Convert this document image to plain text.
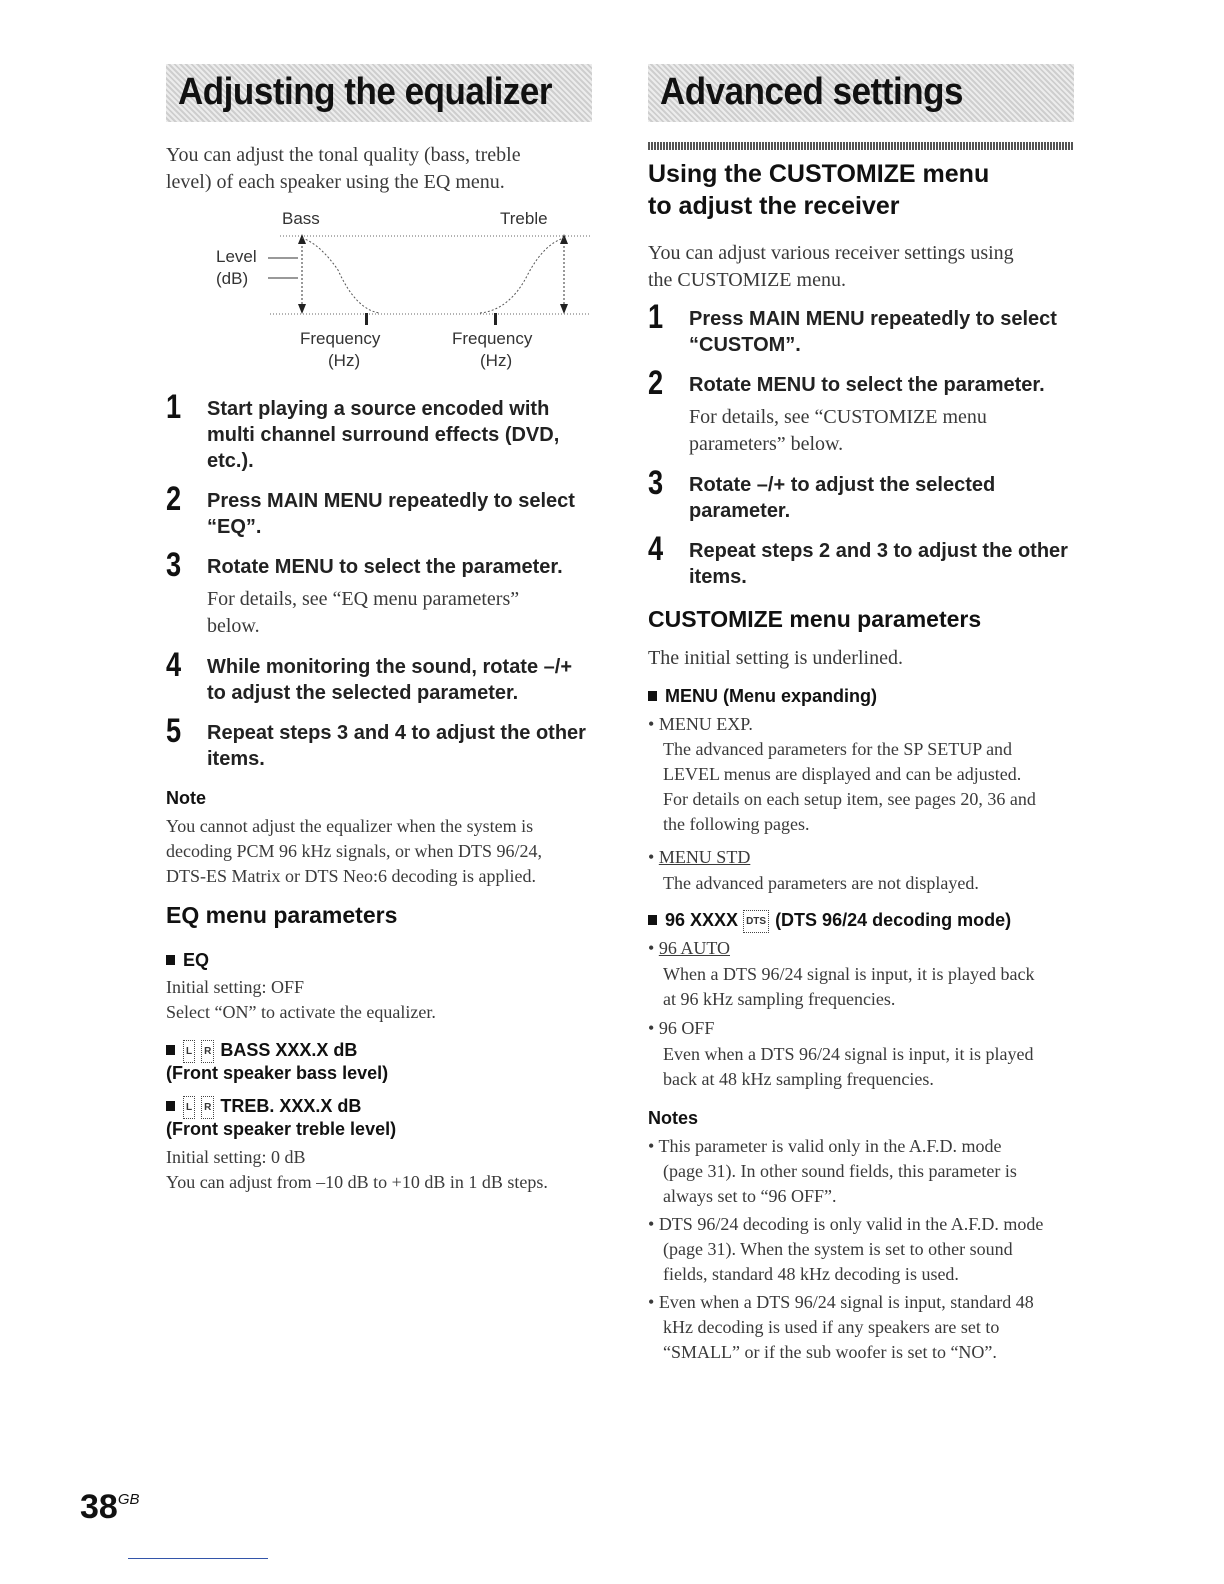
Adjusting the equalizer
You can adjust the tonal quality (bass, treble
level) of each speaker using the EQ menu.
Bass	Treble
Level
(dB)
Frequency
(Hz)
Frequency
(Hz)
1 Start playing a source encoded with
multi channel surround effects (DVD,
etc.).
2 Press MAIN MENU repeatedly to select
“EQ”.
3 Rotate MENU to select the parameter.
For details, see “EQ menu parameters”
below.
4 While monitoring the sound, rotate –/+
to adjust the selected parameter.
5 Repeat steps 3 and 4 to adjust the other
items.
Note
You cannot adjust the equalizer when the system is
decoding PCM 96 kHz signals, or when DTS 96/24,
DTS-ES Matrix or DTS Neo:6 decoding is applied.
EQ menu parameters
EQ
Initial setting: OFF
Select “ON” to activate the equalizer.
L R BASS XXX.X dB
(Front speaker bass level)
L R TREB. XXX.X dB
(Front speaker treble level)
Initial setting: 0 dB
You can adjust from –10 dB to +10 dB in 1 dB steps.
Advanced settings
Using the CUSTOMIZE menu
to adjust the receiver
You can adjust various receiver settings using
the CUSTOMIZE menu.
1 Press MAIN MENU repeatedly to select
“CUSTOM”.
2 Rotate MENU to select the parameter.
For details, see “CUSTOMIZE menu
parameters” below.
3 Rotate –/+ to adjust the selected
parameter.
4 Repeat steps 2 and 3 to adjust the other
items.
CUSTOMIZE menu parameters
The initial setting is underlined.
MENU (Menu expanding)
• MENU EXP.
The advanced parameters for the SP SETUP and
LEVEL menus are displayed and can be adjusted.
For details on each setup item, see pages 20, 36 and
the following pages.
• MENU STD
The advanced parameters are not displayed.
96 XXXX DTS (DTS 96/24 decoding mode)
• 96 AUTO
When a DTS 96/24 signal is input, it is played back
at 96 kHz sampling frequencies.
• 96 OFF
Even when a DTS 96/24 signal is input, it is played
back at 48 kHz sampling frequencies.
Notes
• This parameter is valid only in the A.F.D. mode
(page 31). In other sound fields, this parameter is
always set to “96 OFF”.
• DTS 96/24 decoding is only valid in the A.F.D. mode
(page 31). When the system is set to other sound
fields, standard 48 kHz decoding is used.
• Even when a DTS 96/24 signal is input, standard 48
kHz decoding is used if any speakers are set to
“SMALL” or if the sub woofer is set to “NO”.
$38^{GB}$
